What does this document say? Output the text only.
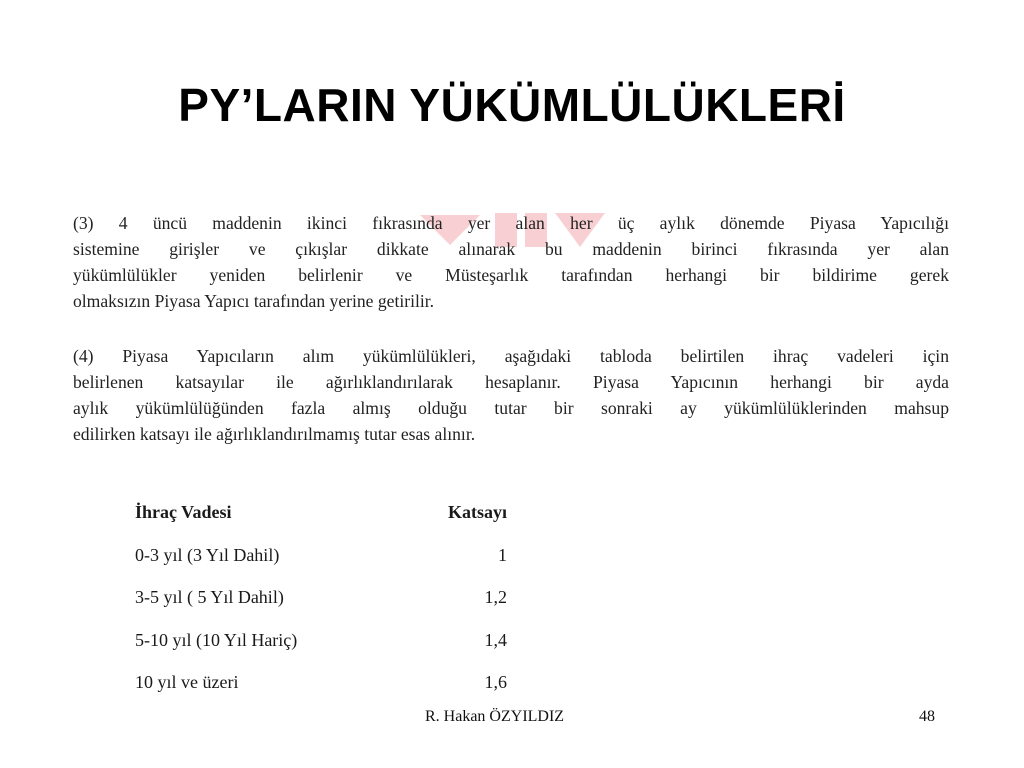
PY’LARIN YÜKÜMLÜLÜKLERİ
(3) 4 üncü maddenin ikinci fıkrasında yer alan her üç aylık dönemde Piyasa Yapıcılığı
sistemine girişler ve çıkışlar dikkate alınarak bu maddenin birinci fıkrasında yer alan
yükümlülükler yeniden belirlenir ve Müsteşarlık tarafından herhangi bir bildirime gerek
olmaksızın Piyasa Yapıcı tarafından yerine getirilir.
(4) Piyasa Yapıcıların alım yükümlülükleri, aşağıdaki tabloda belirtilen ihraç vadeleri için
belirlenen katsayılar ile ağırlıklandırılarak hesaplanır. Piyasa Yapıcının herhangi bir ayda
aylık yükümlülüğünden fazla almış olduğu tutar bir sonraki ay yükümlülüklerinden mahsup
edilirken katsayı ile ağırlıklandırılmamış tutar esas alınır.
İhraç Vadesi	Katsayı
0-3 yıl (3 Yıl Dahil)	1
3-5 yıl ( 5 Yıl Dahil)	1,2
5-10 yıl (10 Yıl Hariç)	1,4
10 yıl ve üzeri	1,6
R. Hakan ÖZYILDIZ	48
